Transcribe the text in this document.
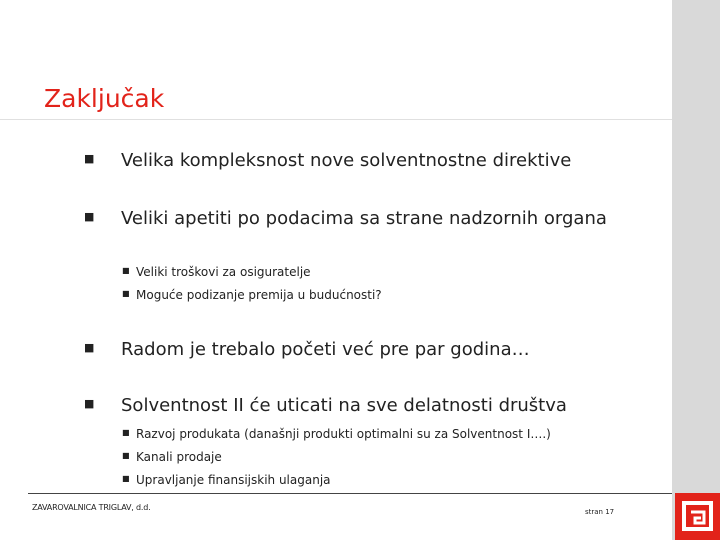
Zaključak
■ Velika kompleksnost nove solventnostne direktive
■ Veliki apetiti po podacima sa strane nadzornih organa
■ Veliki troškovi za osiguratelje
■ Moguće podizanje premija u budućnosti?
■ Radom je trebalo početi već pre par godina…
■ Solventnost II će uticati na sve delatnosti društva
■ Razvoj produkata (današnji produkti optimalni su za Solventnost I….)
■ Kanali prodaje
■ Upravljanje finansijskih ulaganja
ZAVAROVALNICA TRIGLAV, d.d.	stran 17
